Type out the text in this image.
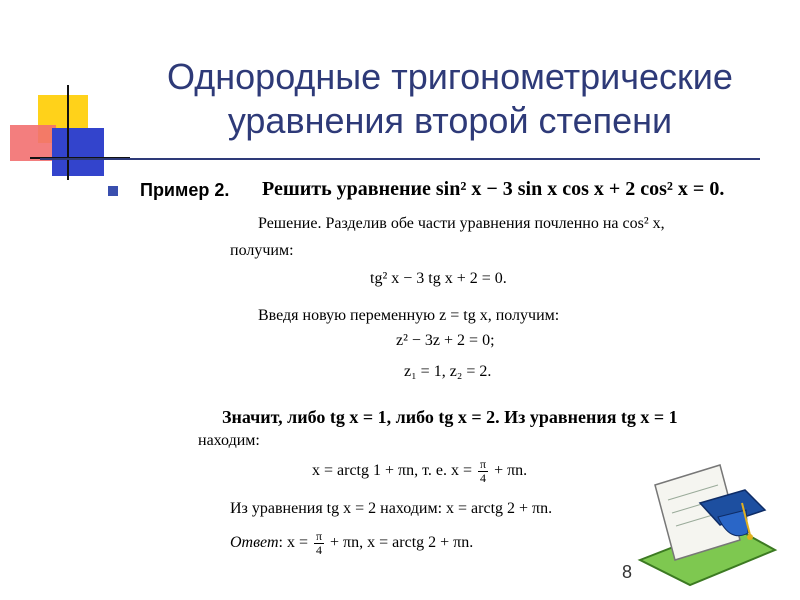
Однородные тригонометрические
уравнения второй степени
Пример 2. Решить уравнение sin² x − 3 sin x cos x + 2 cos² x = 0.
Решение. Разделив обе части уравнения почленно на cos² x,
получим:
tg² x − 3 tg x + 2 = 0.
Введя новую переменную z = tg x, получим:
z² − 3z + 2 = 0;
z₁ = 1, z₂ = 2.
Значит, либо tg x = 1, либо tg x = 2. Из уравнения tg x = 1
находим:
x = arctg 1 + πn, т. е. $x = \frac{\pi}{4} + \pi n$.
Из уравнения tg x = 2 находим: x = arctg 2 + πn.
Ответ: $x = \frac{\pi}{4} + \pi n$, x = arctg 2 + πn.
8
